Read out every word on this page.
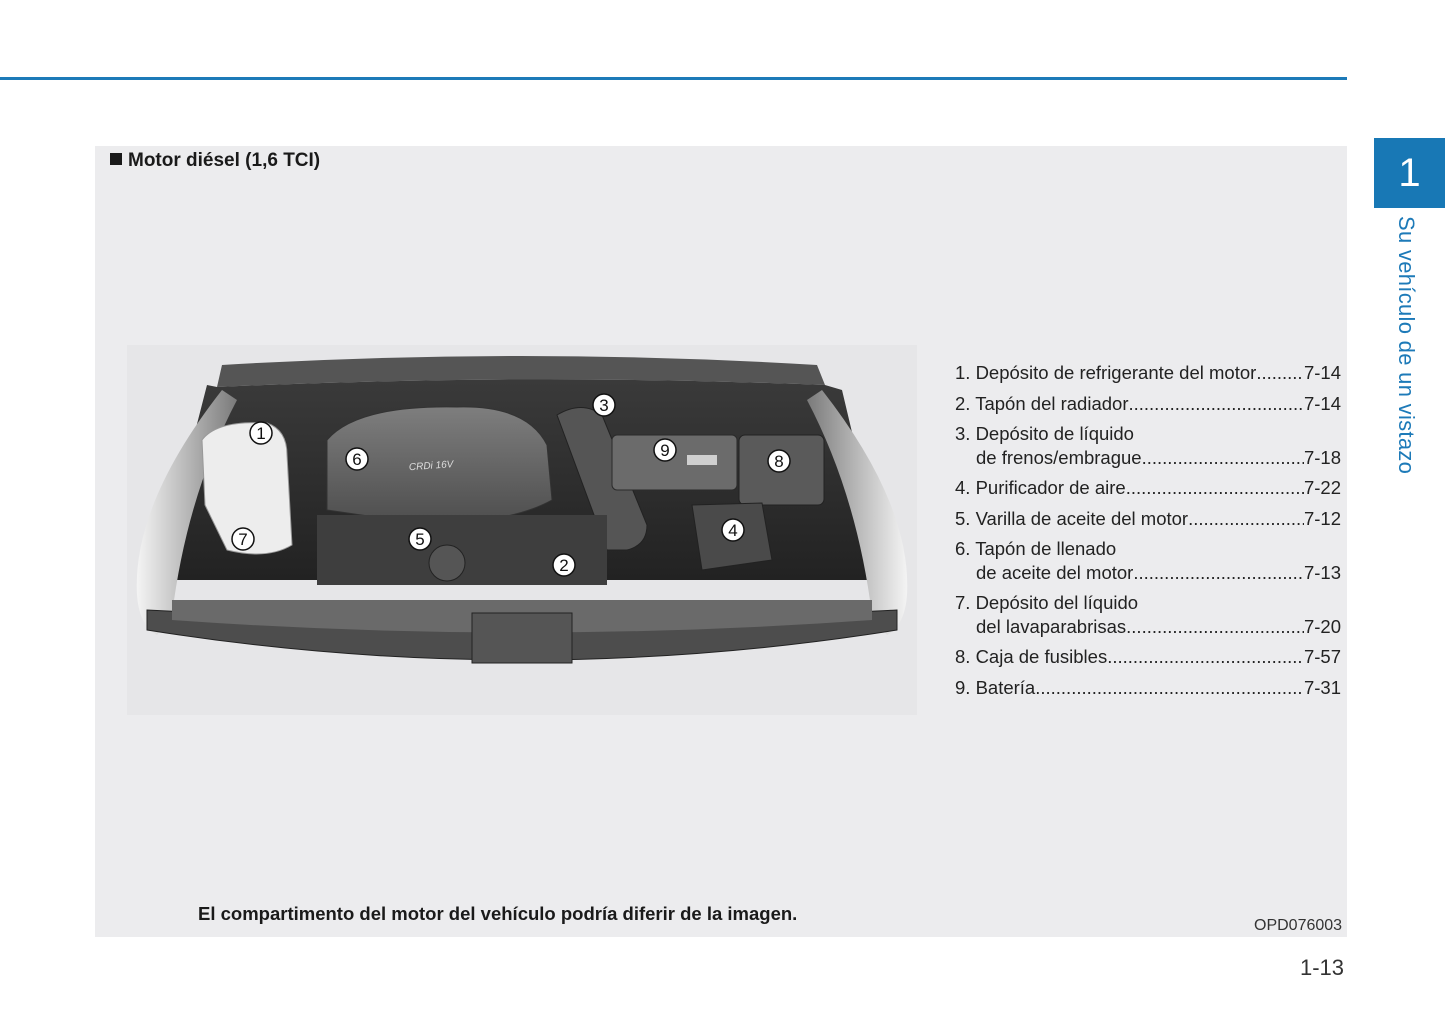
1
Su vehículo de un vistazo
Motor diésel (1,6 TCI)
CRDi 16V
1
2
3
4
5
6
7
8
9
1. Depósito de refrigerante del motor .....	7-14
2. Tapón del radiador .....	7-14
3. Depósito de líquido
de frenos/embrague .....	7-18
4. Purificador de aire .....	7-22
5. Varilla de aceite del motor .....	7-12
6. Tapón de llenado
de aceite del motor .....	7-13
7. Depósito del líquido
del lavaparabrisas .....	7-20
8. Caja de fusibles .....	7-57
9. Batería .....	7-31
El compartimento del motor del vehículo podría diferir de la imagen.
OPD076003
1-13
